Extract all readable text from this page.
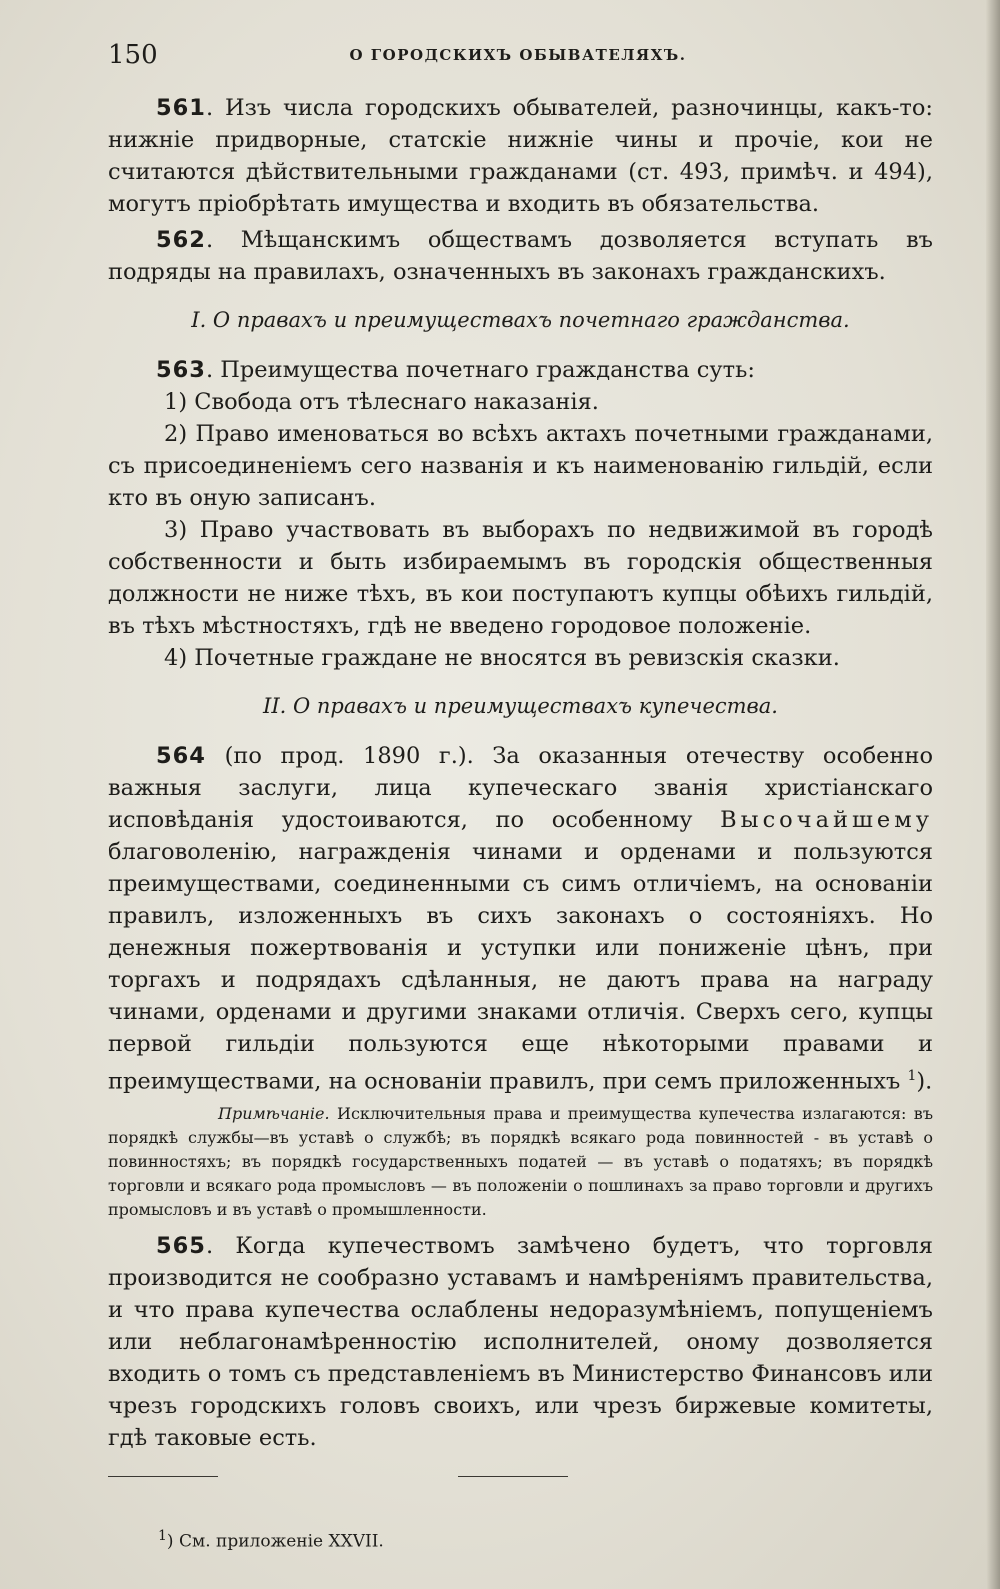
150	О ГОРОДСКИХЪ ОБЫВАТЕЛЯХЪ.

561. Изъ числа городскихъ обывателей, разночинцы, какъ-то: нижніе придворные, статскіе нижніе чины и прочіе, кои не считаются дѣйствительными гражданами (ст. 493, примѣч. и 494), могутъ пріобрѣтать имущества и входить въ обязательства.

562. Мѣщанскимъ обществамъ дозволяется вступать въ подряды на правилахъ, означенныхъ въ законахъ гражданскихъ.

I. О правахъ и преимуществахъ почетнаго гражданства.

563. Преимущества почетнаго гражданства суть:

1) Свобода отъ тѣлеснаго наказанія.

2) Право именоваться во всѣхъ актахъ почетными гражданами, съ присоединеніемъ сего названія и къ наименованію гильдій, если кто въ оную записанъ.

3) Право участвовать въ выборахъ по недвижимой въ городѣ собственности и быть избираемымъ въ городскія общественныя должности не ниже тѣхъ, въ кои поступаютъ купцы обѣихъ гильдій, въ тѣхъ мѣстностяхъ, гдѣ не введено городовое положеніе.

4) Почетные граждане не вносятся въ ревизскія сказки.

II. О правахъ и преимуществахъ купечества.

564 (по прод. 1890 г.). За оказанныя отечеству особенно важныя заслуги, лица купеческаго званія христіанскаго исповѣданія удостоиваются, по особенному Высочайшему благоволенію, награжденія чинами и орденами и пользуются преимуществами, соединенными съ симъ отличіемъ, на основаніи правилъ, изложенныхъ въ сихъ законахъ о состояніяхъ. Но денежныя пожертвованія и уступки или пониженіе цѣнъ, при торгахъ и подрядахъ сдѣланныя, не даютъ права на награду чинами, орденами и другими знаками отличія. Сверхъ сего, купцы первой гильдіи пользуются еще нѣкоторыми правами и преимуществами, на основаніи правилъ, при семъ приложенныхъ $^1$).

Примѣчаніе. Исключительныя права и преимущества купечества излагаются: въ порядкѣ службы—въ уставѣ о службѣ; въ порядкѣ всякаго рода повинностей - въ уставѣ о повинностяхъ; въ порядкѣ государственныхъ податей — въ уставѣ о податяхъ; въ порядкѣ торговли и всякаго рода промысловъ — въ положеніи о пошлинахъ за право торговли и другихъ промысловъ и въ уставѣ о промышленности.

565. Когда купечествомъ замѣчено будетъ, что торговля производится не сообразно уставамъ и намѣреніямъ правительства, и что права купечества ослаблены недоразумѣніемъ, попущеніемъ или неблагонамѣренностію исполнителей, оному дозволяется входить о томъ съ представленіемъ въ Министерство Финансовъ или чрезъ городскихъ головъ своихъ, или чрезъ биржевые комитеты, гдѣ таковые есть.

$^1$) См. приложеніе XXVII.
